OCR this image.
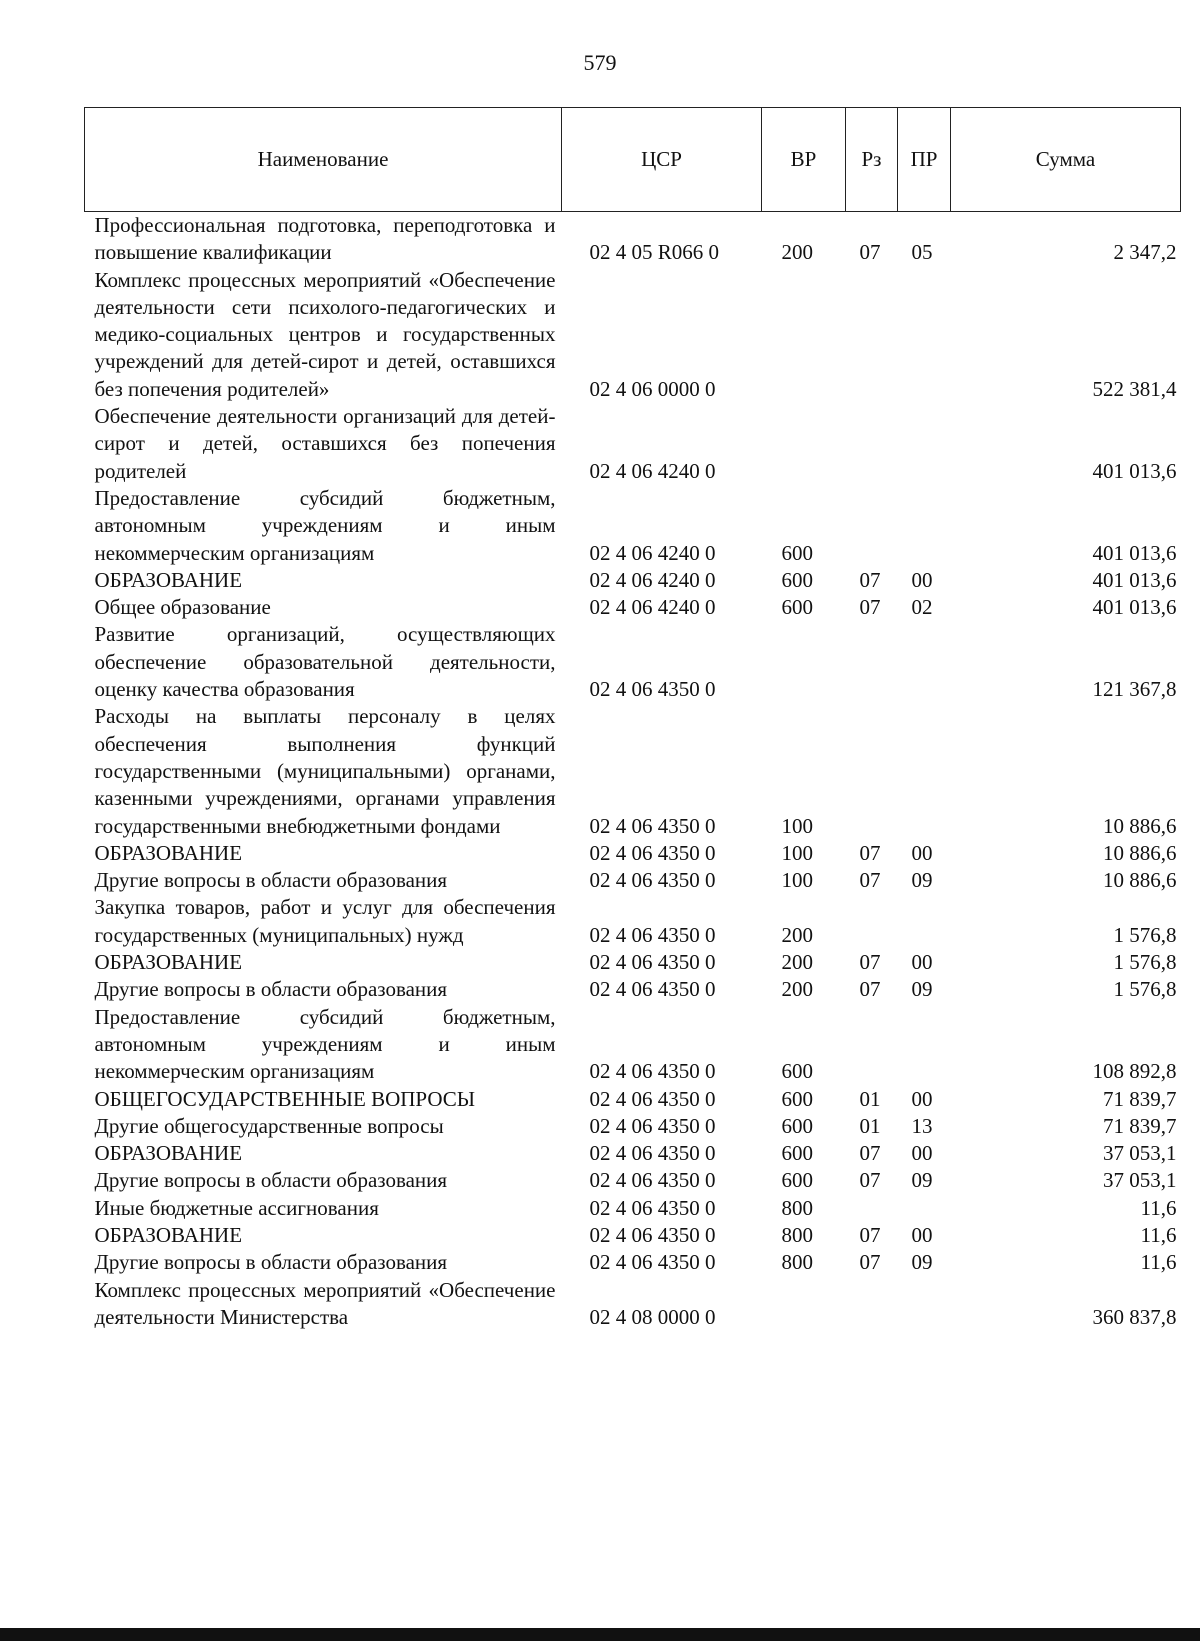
579
Наименование	ЦСР	ВР	Рз	ПР	Сумма
Профессиональная подготовка, переподготовка и повышение квалификации	02 4 05 R066 0	200	07	05	2 347,2
Комплекс процессных мероприятий «Обеспечение деятельности сети психолого-педагогических и медико-социальных центров и государственных учреждений для детей-сирот и детей, оставшихся без попечения родителей»	02 4 06 0000 0				522 381,4
Обеспечение деятельности организаций для детей-сирот и детей, оставшихся без попечения родителей	02 4 06 4240 0				401 013,6
Предоставление субсидий бюджетным, автономным учреждениям и иным некоммерческим организациям	02 4 06 4240 0	600			401 013,6
ОБРАЗОВАНИЕ	02 4 06 4240 0	600	07	00	401 013,6
Общее образование	02 4 06 4240 0	600	07	02	401 013,6
Развитие организаций, осуществляющих обеспечение образовательной деятельности, оценку качества образования	02 4 06 4350 0				121 367,8
Расходы на выплаты персоналу в целях обеспечения выполнения функций государственными (муниципальными) органами, казенными учреждениями, органами управления государственными внебюджетными фондами	02 4 06 4350 0	100			10 886,6
ОБРАЗОВАНИЕ	02 4 06 4350 0	100	07	00	10 886,6
Другие вопросы в области образования	02 4 06 4350 0	100	07	09	10 886,6
Закупка товаров, работ и услуг для обеспечения государственных (муниципальных) нужд	02 4 06 4350 0	200			1 576,8
ОБРАЗОВАНИЕ	02 4 06 4350 0	200	07	00	1 576,8
Другие вопросы в области образования	02 4 06 4350 0	200	07	09	1 576,8
Предоставление субсидий бюджетным, автономным учреждениям и иным некоммерческим организациям	02 4 06 4350 0	600			108 892,8
ОБЩЕГОСУДАРСТВЕННЫЕ ВОПРОСЫ	02 4 06 4350 0	600	01	00	71 839,7
Другие общегосударственные вопросы	02 4 06 4350 0	600	01	13	71 839,7
ОБРАЗОВАНИЕ	02 4 06 4350 0	600	07	00	37 053,1
Другие вопросы в области образования	02 4 06 4350 0	600	07	09	37 053,1
Иные бюджетные ассигнования	02 4 06 4350 0	800			11,6
ОБРАЗОВАНИЕ	02 4 06 4350 0	800	07	00	11,6
Другие вопросы в области образования	02 4 06 4350 0	800	07	09	11,6
Комплекс процессных мероприятий «Обеспечение деятельности Министерства	02 4 08 0000 0				360 837,8
